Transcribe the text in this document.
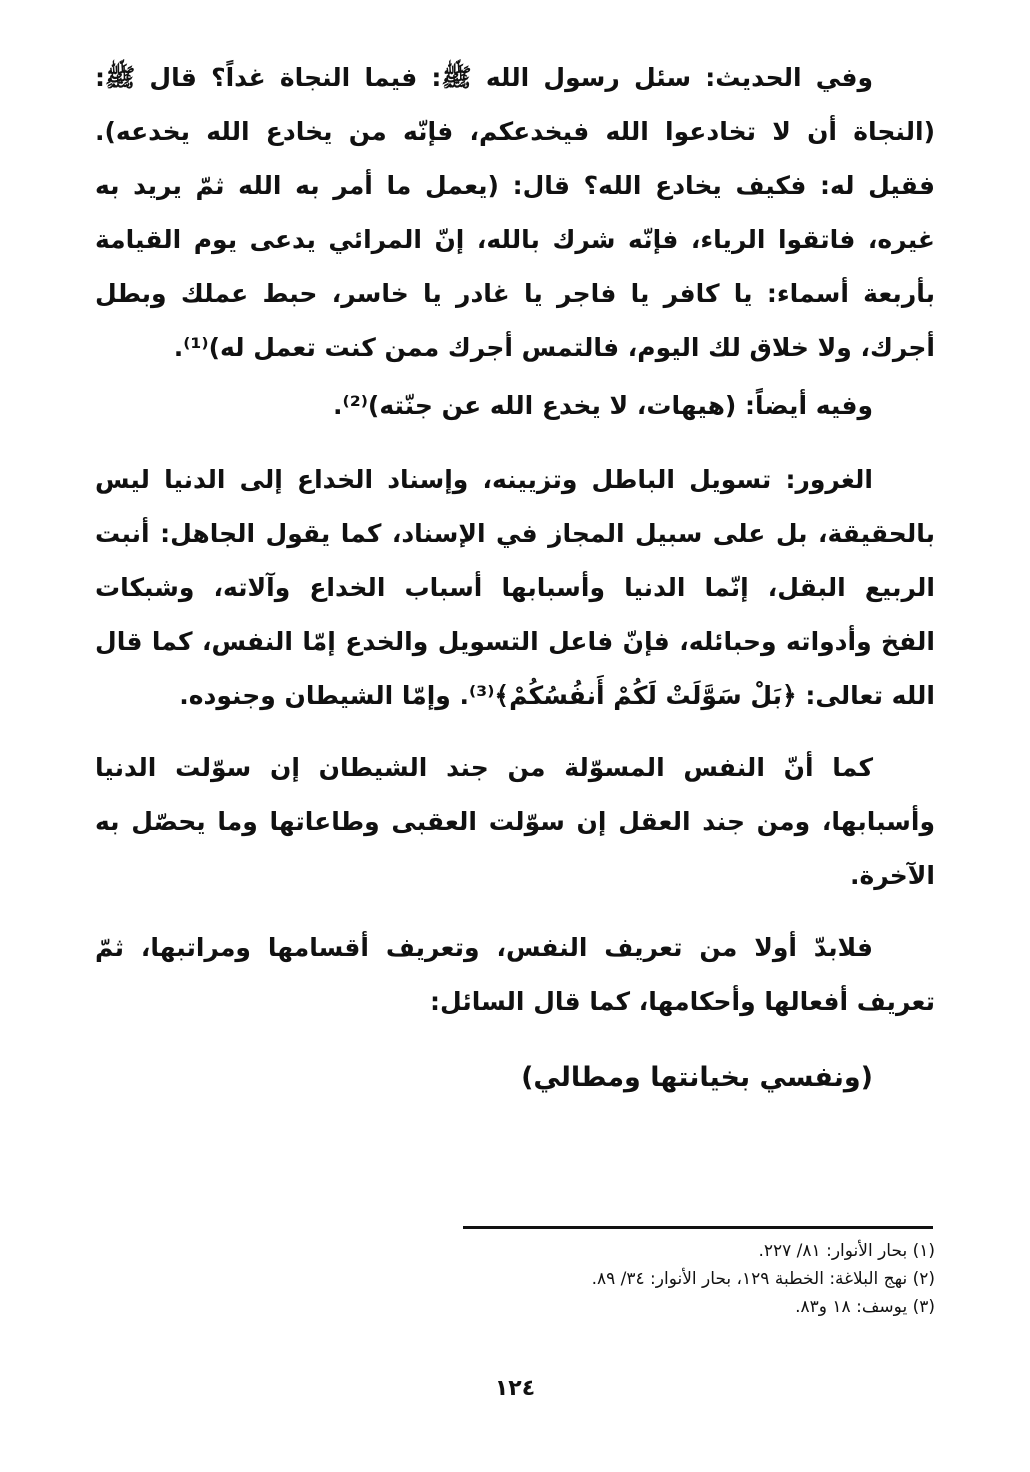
وفي الحديث: سئل رسول الله ﷺ: فيما النجاة غداً؟ قال ﷺ:
(النجاة أن لا تخادعوا الله فيخدعكم، فإنّه من يخادع الله يخدعه).
فقيل له: فكيف يخادع الله؟ قال: (يعمل ما أمر به الله ثمّ يريد به
غيره، فاتقوا الرياء، فإنّه شرك بالله، إنّ المرائي يدعى يوم القيامة
بأربعة أسماء: يا كافر يا فاجر يا غادر يا خاسر، حبط عملك وبطل
أجرك، ولا خلاق لك اليوم، فالتمس أجرك ممن كنت تعمل له)⁽¹⁾.
وفيه أيضاً: (هيهات، لا يخدع الله عن جنّته)⁽²⁾.
الغرور: تسويل الباطل وتزيينه، وإسناد الخداع إلى الدنيا ليس
بالحقيقة، بل على سبيل المجاز في الإسناد، كما يقول الجاهل: أنبت
الربيع البقل، إنّما الدنيا وأسبابها أسباب الخداع وآلاته، وشبكات
الفخ وأدواته وحبائله، فإنّ فاعل التسويل والخدع إمّا النفس، كما قال
الله تعالى: ﴿بَلْ سَوَّلَتْ لَكُمْ أَنفُسُكُمْ﴾⁽³⁾. وإمّا الشيطان وجنوده.
كما أنّ النفس المسوّلة من جند الشيطان إن سوّلت الدنيا
وأسبابها، ومن جند العقل إن سوّلت العقبى وطاعاتها وما يحصّل به
الآخرة.
فلابدّ أولا من تعريف النفس، وتعريف أقسامها ومراتبها، ثمّ
تعريف أفعالها وأحكامها، كما قال السائل:
(ونفسي بخيانتها ومطالي)
(١) بحار الأنوار: ٨١/ ٢٢٧.
(٢) نهج البلاغة: الخطبة ١٢٩، بحار الأنوار: ٣٤/ ٨٩.
(٣) يوسف: ١٨ و٨٣.
١٢٤
